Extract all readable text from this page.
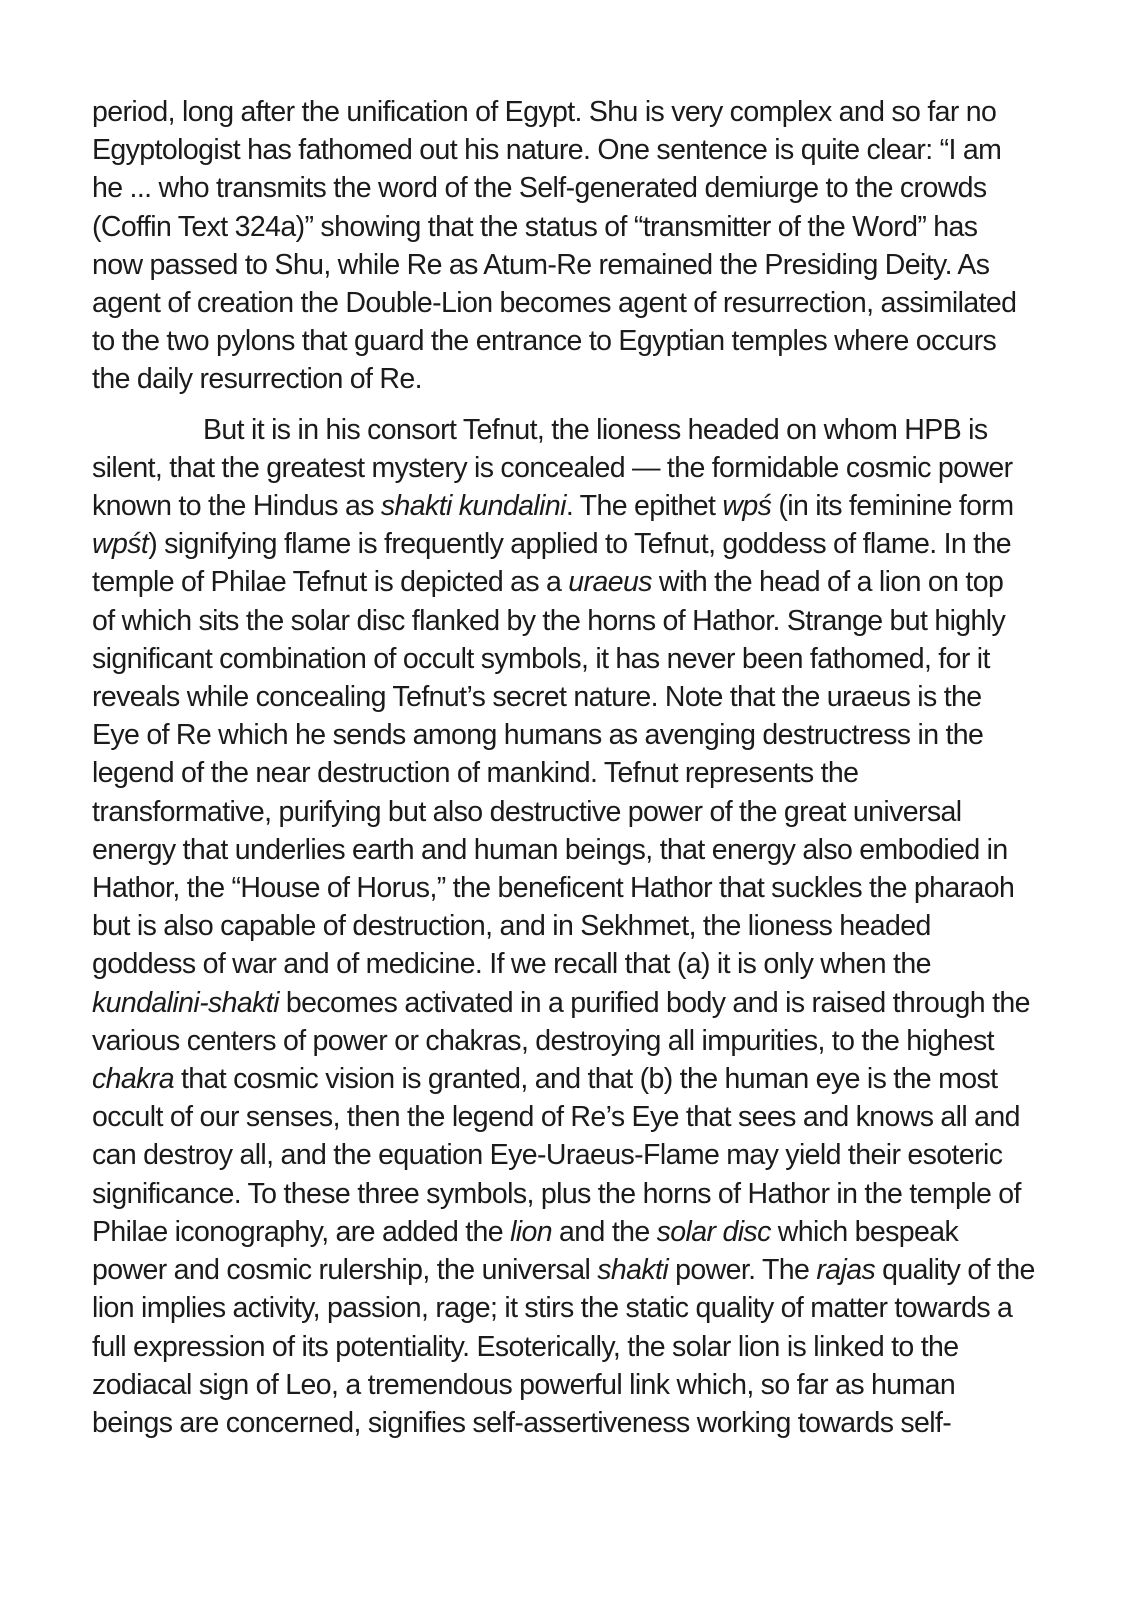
period, long after the unification of Egypt. Shu is very complex and so far no
Egyptologist has fathomed out his nature. One sentence is quite clear: “I am
he ... who transmits the word of the Self-generated demiurge to the crowds
(Coffin Text 324a)” showing that the status of “transmitter of the Word” has
now passed to Shu, while Re as Atum-Re remained the Presiding Deity. As
agent of creation the Double-Lion becomes agent of resurrection, assimilated
to the two pylons that guard the entrance to Egyptian temples where occurs
the daily resurrection of Re.
But it is in his consort Tefnut, the lioness headed on whom HPB is
silent, that the greatest mystery is concealed — the formidable cosmic power
known to the Hindus as shakti kundalini. The epithet wpś (in its feminine form
wpśt) signifying flame is frequently applied to Tefnut, goddess of flame. In the
temple of Philae Tefnut is depicted as a uraeus with the head of a lion on top
of which sits the solar disc flanked by the horns of Hathor. Strange but highly
significant combination of occult symbols, it has never been fathomed, for it
reveals while concealing Tefnut’s secret nature. Note that the uraeus is the
Eye of Re which he sends among humans as avenging destructress in the
legend of the near destruction of mankind. Tefnut represents the
transformative, purifying but also destructive power of the great universal
energy that underlies earth and human beings, that energy also embodied in
Hathor, the “House of Horus,” the beneficent Hathor that suckles the pharaoh
but is also capable of destruction, and in Sekhmet, the lioness headed
goddess of war and of medicine. If we recall that (a) it is only when the
kundalini-shakti becomes activated in a purified body and is raised through the
various centers of power or chakras, destroying all impurities, to the highest
chakra that cosmic vision is granted, and that (b) the human eye is the most
occult of our senses, then the legend of Re’s Eye that sees and knows all and
can destroy all, and the equation Eye-Uraeus-Flame may yield their esoteric
significance. To these three symbols, plus the horns of Hathor in the temple of
Philae iconography, are added the lion and the solar disc which bespeak
power and cosmic rulership, the universal shakti power. The rajas quality of the
lion implies activity, passion, rage; it stirs the static quality of matter towards a
full expression of its potentiality. Esoterically, the solar lion is linked to the
zodiacal sign of Leo, a tremendous powerful link which, so far as human
beings are concerned, signifies self-assertiveness working towards self-
